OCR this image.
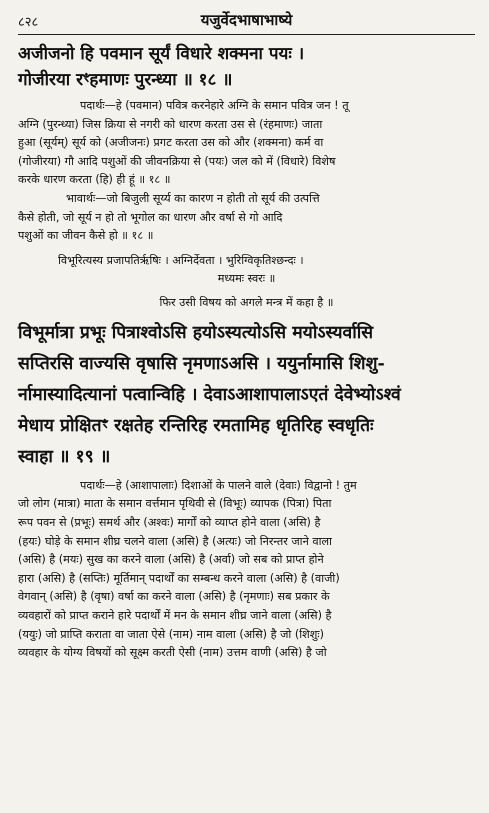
८२८	यजुर्वेदभाषाभाष्ये
अजीजनो हि पवमान सूर्यं विधारे शक्मना पयः ।
गोजीरया रꣳहमाणः पुरन्ध्या ॥ १८ ॥
पदार्थः—हे (पवमान) पवित्र करनेहारे अग्नि के समान पवित्र जन ! तू
अग्नि (पुरन्ध्या) जिस क्रिया से नगरी को धारण करता उस से (रंहमाणः) जाता
हुआ (सूर्यम्) सूर्य को (अजीजनः) प्रगट करता उस को और (शक्मना) कर्म वा
(गोजीरया) गौ आदि पशुओं की जीवनक्रिया से (पयः) जल को में (विधारे) विशेष
करके धारण करता (हि) ही हूं ॥ १८ ॥
भावार्थः—जो बिजुली सूर्य्य का कारण न होती तो सूर्य की उत्पत्ति
कैसे होती, जो सूर्य न हो तो भूगोल का धारण और वर्षा से गो आदि
पशुओं का जीवन कैसे हो ॥ १८ ॥
विभूरित्यस्य प्रजापतिर्ऋषिः । अग्निर्देवता । भुरिग्विकृतिश्छन्दः ।
मध्यमः स्वरः ॥
फिर उसी विषय को अगले मन्त्र में कहा है ॥
विभूर्मात्रा प्रभूः पित्राश्वोऽसि हयोऽस्यत्योऽसि मयोऽस्यर्वासि
सप्तिरसि वाज्यसि वृषासि नृमणाऽअसि । ययुर्नामासि शिशु-
र्नामास्यादित्यानां पत्वान्विहि । देवाऽआशापालाऽएतं देवेभ्योऽश्वं
मेधाय प्रोक्षितꣳ रक्षतेह रन्तिरिह रमतामिह धृतिरिह स्वधृतिः
स्वाहा ॥ १९ ॥
पदार्थः—हे (आशापालाः) दिशाओं के पालने वाले (देवाः) विद्वानो ! तुम
जो लोग (मात्रा) माता के समान वर्त्तमान पृथिवी से (विभूः) व्यापक (पित्रा) पिता
रूप पवन से (प्रभूः) समर्थ और (अश्वः) मार्गों को व्याप्त होने वाला (असि) है
(हयः) घोड़े के समान शीघ्र चलने वाला (असि) है (अत्यः) जो निरन्तर जाने वाला
(असि) है (मयः) सुख का करने वाला (असि) है (अर्वा) जो सब को प्राप्त होने
हारा (असि) है (सप्तिः) मूर्तिमान् पदार्थों का सम्बन्ध करने वाला (असि) है (वाजी)
वेगवान् (असि) है (वृषा) वर्षा का करने वाला (असि) है (नृमणाः) सब प्रकार के
व्यवहारों को प्राप्त कराने हारे पदार्थों में मन के समान शीघ्र जाने वाला (असि) है
(ययुः) जो प्राप्ति कराता वा जाता ऐसे (नाम) नाम वाला (असि) है जो (शिशुः)
व्यवहार के योग्य विषयों को सूक्ष्म करती ऐसी (नाम) उत्तम वाणी (असि) है जो
